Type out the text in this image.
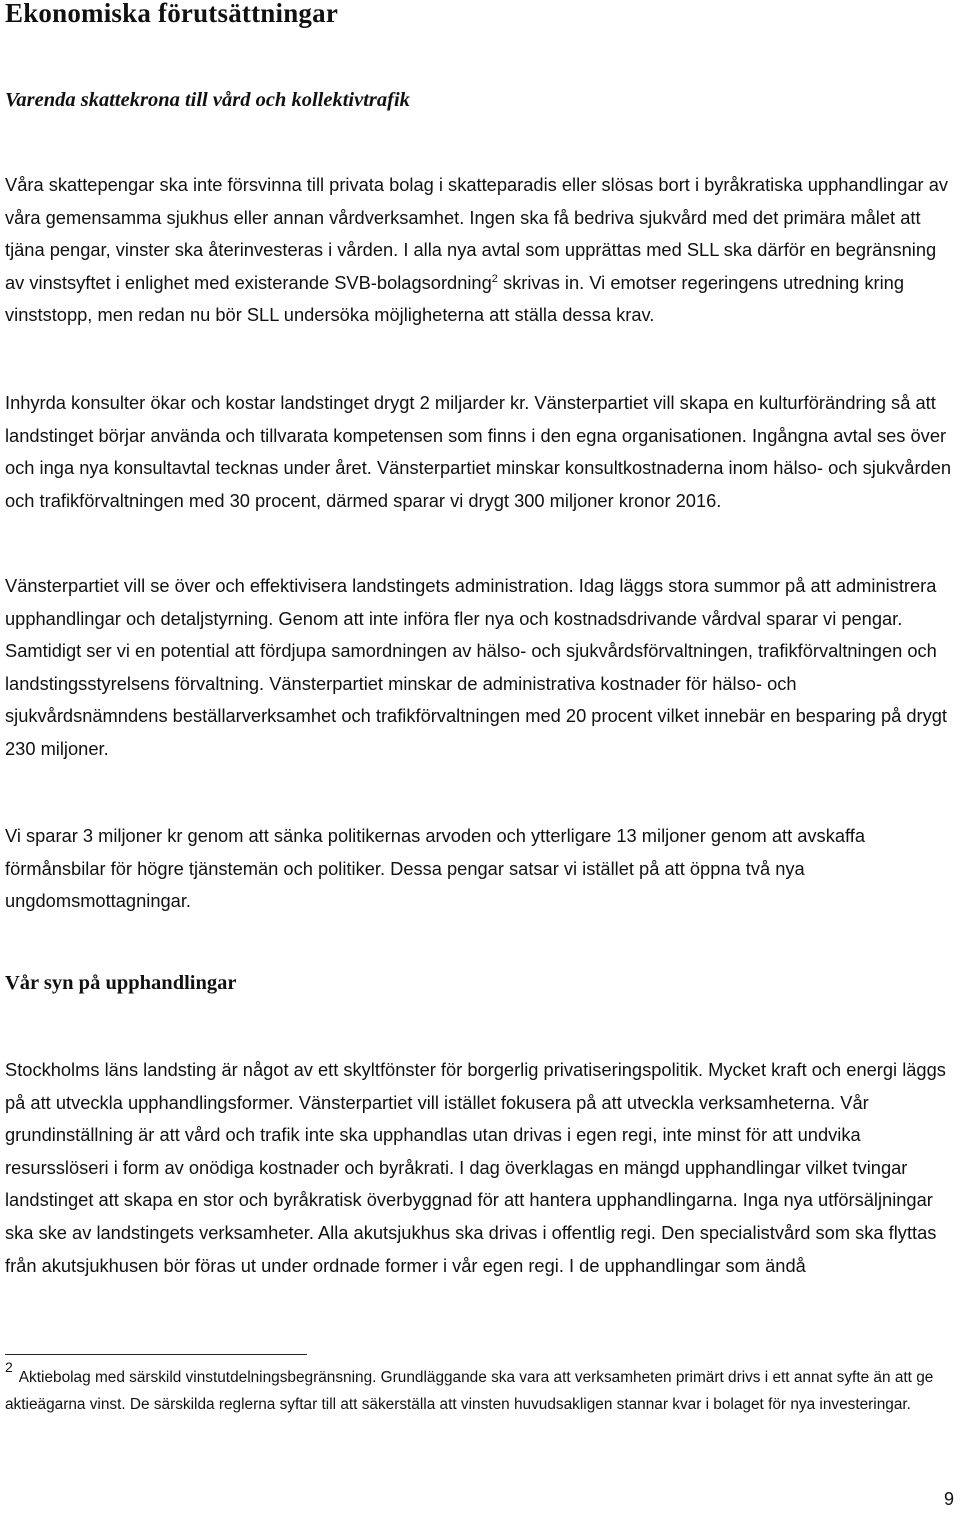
Ekonomiska förutsättningar
Varenda skattekrona till vård och kollektivtrafik

Våra skattepengar ska inte försvinna till privata bolag i skatteparadis eller slösas bort i byråkratiska upphandlingar av våra gemensamma sjukhus eller annan vårdverksamhet. Ingen ska få bedriva sjukvård med det primära målet att tjäna pengar, vinster ska återinvesteras i vården. I alla nya avtal som upprättas med SLL ska därför en begränsning av vinstsyftet i enlighet med existerande SVB-bolagsordning$^2$ skrivas in. Vi emotser regeringens utredning kring vinststopp, men redan nu bör SLL undersöka möjligheterna att ställa dessa krav.

Inhyrda konsulter ökar och kostar landstinget drygt 2 miljarder kr. Vänsterpartiet vill skapa en kulturförändring så att landstinget börjar använda och tillvarata kompetensen som finns i den egna organisationen. Ingångna avtal ses över och inga nya konsultavtal tecknas under året. Vänsterpartiet minskar konsultkostnaderna inom hälso- och sjukvården och trafikförvaltningen med 30 procent, därmed sparar vi drygt 300 miljoner kronor 2016.

Vänsterpartiet vill se över och effektivisera landstingets administration. Idag läggs stora summor på att administrera upphandlingar och detaljstyrning. Genom att inte införa fler nya och kostnadsdrivande vårdval sparar vi pengar. Samtidigt ser vi en potential att fördjupa samordningen av hälso- och sjukvårdsförvaltningen, trafikförvaltningen och landstingsstyrelsens förvaltning. Vänsterpartiet minskar de administrativa kostnader för hälso- och sjukvårdsnämndens beställarverksamhet och trafikförvaltningen med 20 procent vilket innebär en besparing på drygt 230 miljoner.

Vi sparar 3 miljoner kr genom att sänka politikernas arvoden och ytterligare 13 miljoner genom att avskaffa förmånsbilar för högre tjänstemän och politiker. Dessa pengar satsar vi istället på att öppna två nya ungdomsmottagningar.

Vår syn på upphandlingar

Stockholms läns landsting är något av ett skyltfönster för borgerlig privatiseringspolitik. Mycket kraft och energi läggs på att utveckla upphandlingsformer. Vänsterpartiet vill istället fokusera på att utveckla verksamheterna. Vår grundinställning är att vård och trafik inte ska upphandlas utan drivas i egen regi, inte minst för att undvika resursslöseri i form av onödiga kostnader och byråkrati. I dag överklagas en mängd upphandlingar vilket tvingar landstinget att skapa en stor och byråkratisk överbyggnad för att hantera upphandlingarna. Inga nya utförsäljningar ska ske av landstingets verksamheter. Alla akutsjukhus ska drivas i offentlig regi. Den specialistvård som ska flyttas från akutsjukhusen bör föras ut under ordnade former i vår egen regi. I de upphandlingar som ändå

2Aktiebolag med särskild vinstutdelningsbegränsning. Grundläggande ska vara att verksamheten primärt drivs i ett annat syfte än att ge aktieägarna vinst. De särskilda reglerna syftar till att säkerställa att vinsten huvudsakligen stannar kvar i bolaget för nya investeringar.

9
